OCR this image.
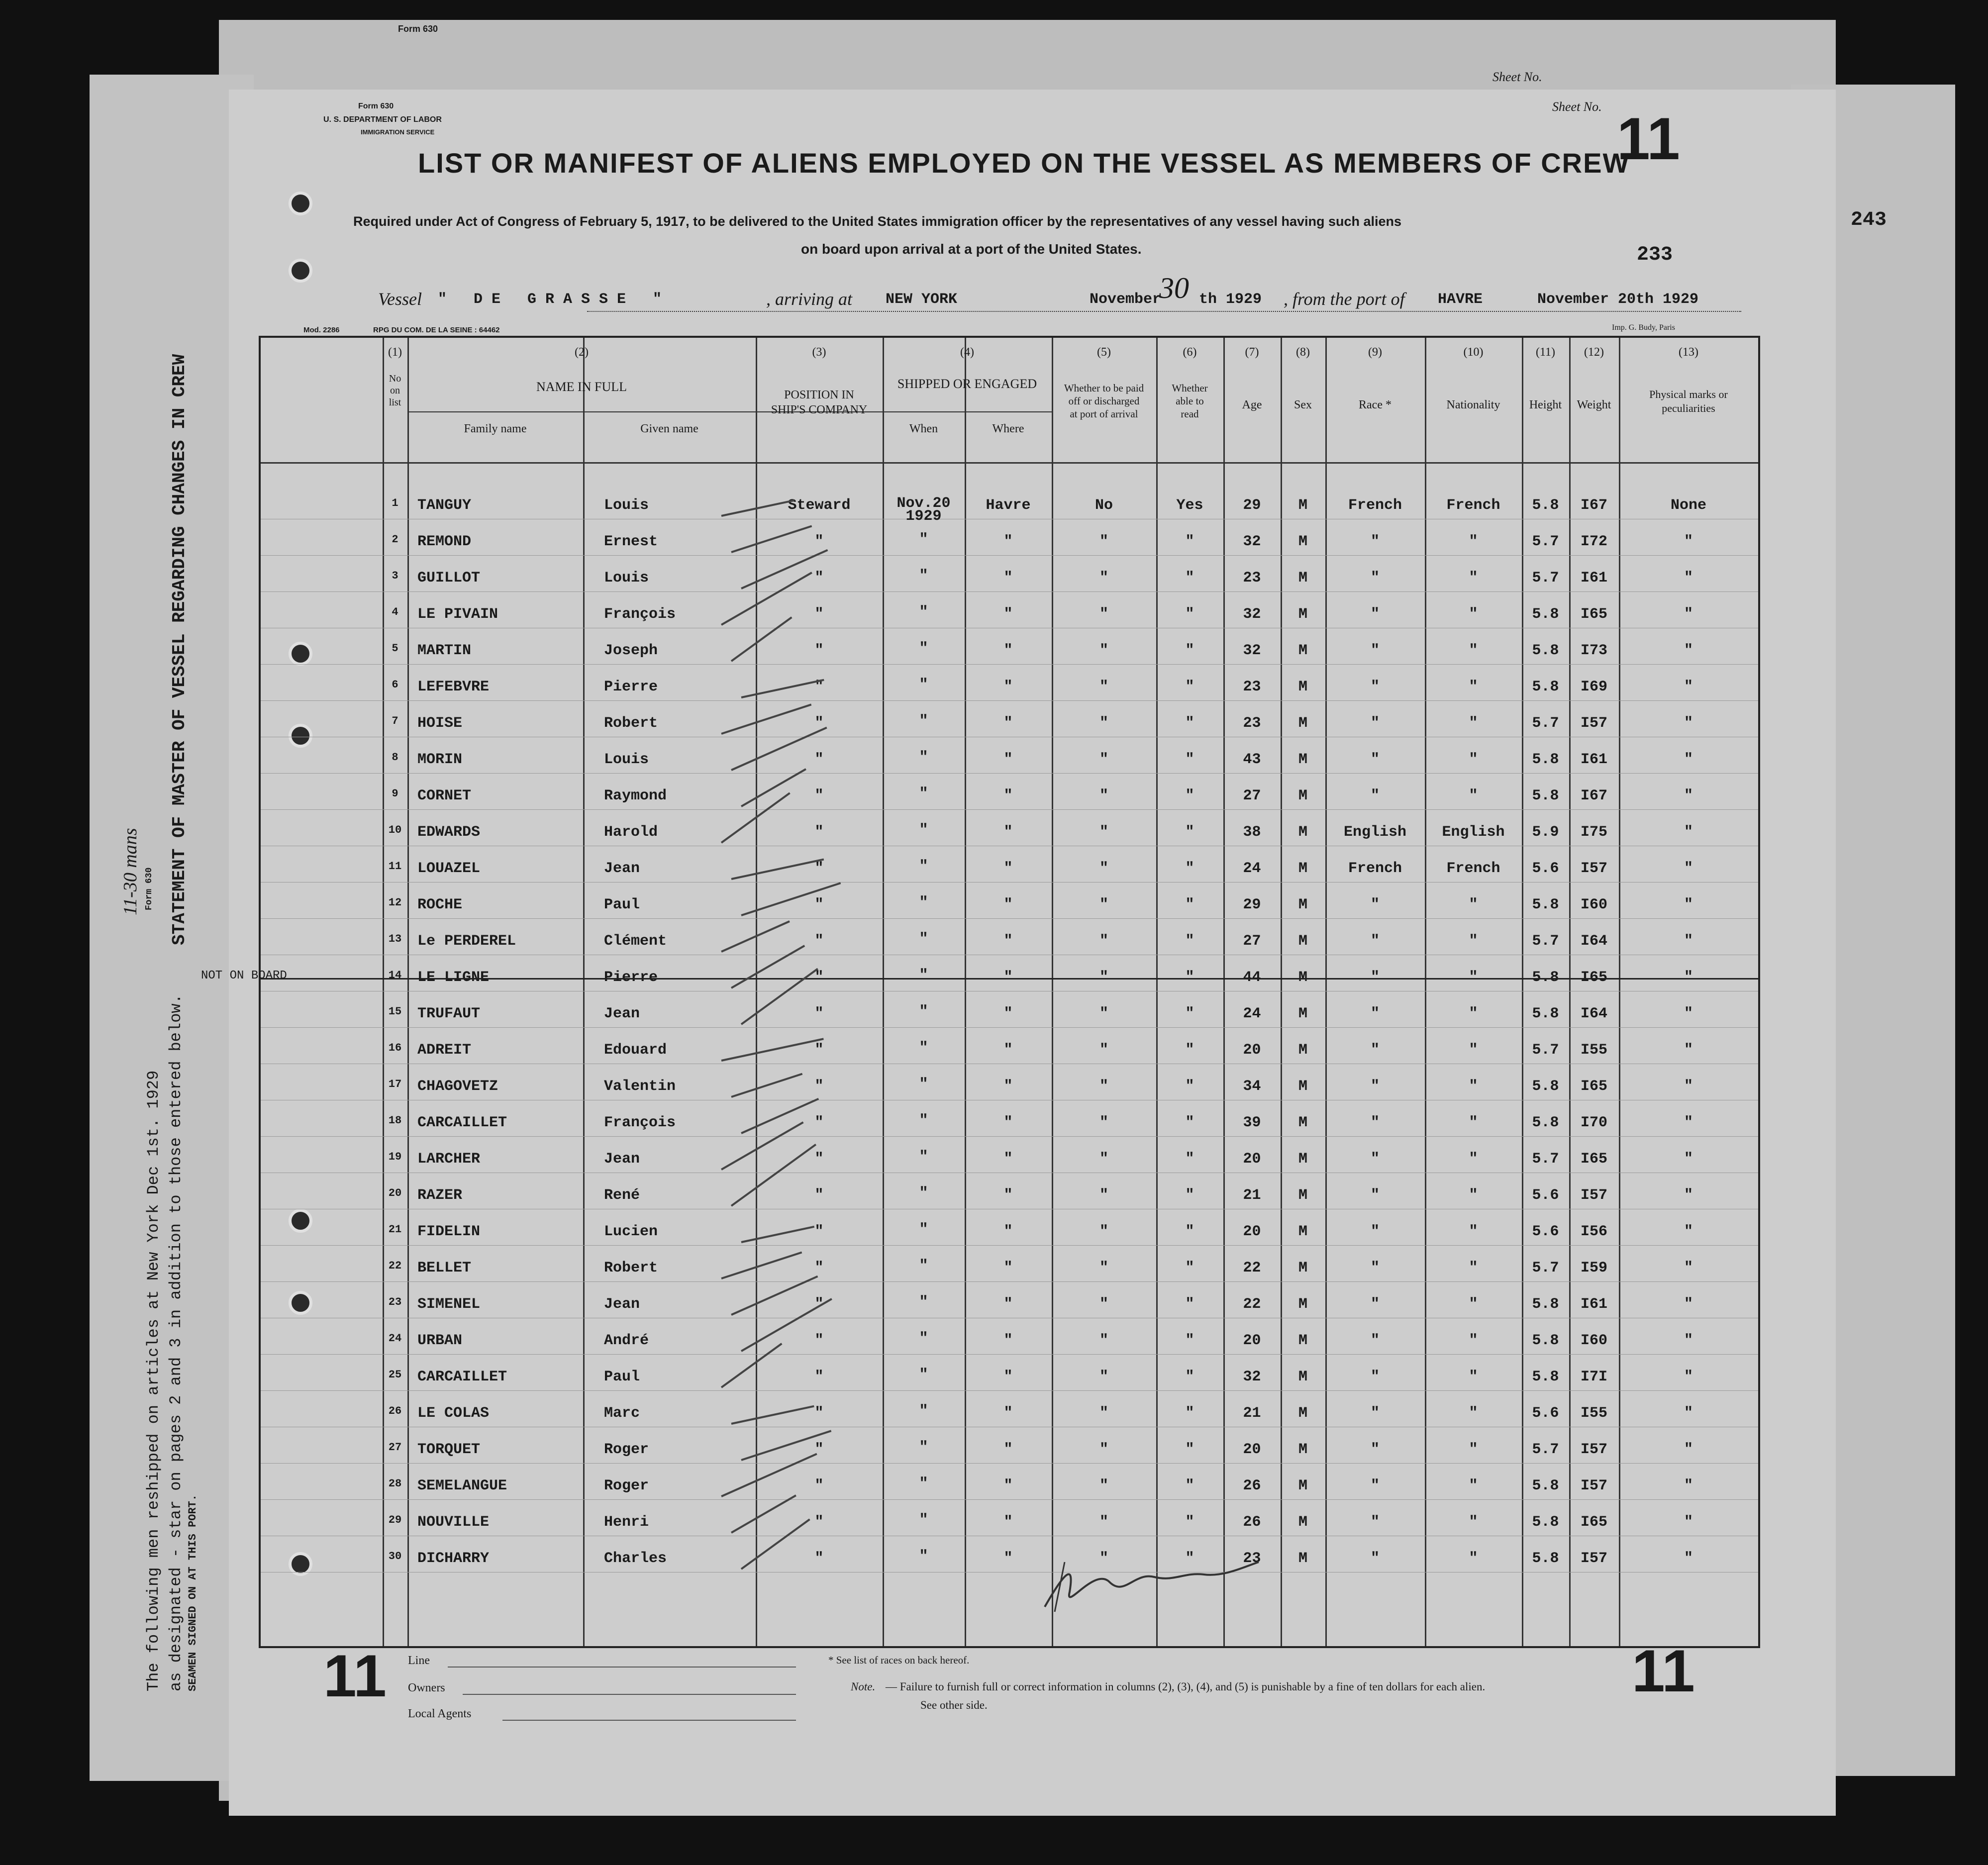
Form 630
Sheet No.
243
STATEMENT OF MASTER OF VESSEL REGARDING CHANGES IN CREW
Form 630
11-30 mans
The following men reshipped on articles at New York Dec 1st. 1929 as designated - star on pages 2 and 3 in addition to those entered below. SEAMEN SIGNED ON AT THIS PORT.
Form 630
U. S. DEPARTMENT OF LABOR
IMMIGRATION SERVICE
LIST OR MANIFEST OF ALIENS EMPLOYED ON THE VESSEL AS MEMBERS OF CREW
Sheet No. 11
Required under Act of Congress of February 5, 1917, to be delivered to the United States immigration officer by the representatives of any vessel having such aliens
on board upon arrival at a port of the United States.	233
Vessel " DE GRASSE "	, arriving at NEW YORK	November
30 th 1929 , from the port of HAVRE	November 20th 1929
Mod. 2286	RPG DU COM. DE LA SEINE : 64462	Imp. G. Budy, Paris
(1)
No
on
list
(2)
NAME IN FULL
Family name	Given name
(3)
POSITION IN
SHIP'S COMPANY
(4)
SHIPPED OR ENGAGED
When	Where
(5)
Whether to be paid
off or discharged
at port of arrival
(6)
Whether
able to
read
(7)
Age
(8)
Sex
(9)
Race *
(10)
Nationality
(11)
Height
(12)
Weight
(13)
Physical marks or
peculiarities
1	TANGUY	Louis	Steward	Nov.20
1929
Havre	No	Yes	29	M	French	French	5.8	I67	None
2	REMOND	Ernest	"	"	"	"	"	32	M	"	"	5.7	I72	"
3	GUILLOT	Louis	"	"	"	"	"	23	M	"	"	5.7	I61	"
4	LE PIVAIN	François	"	"	"	"	"	32	M	"	"	5.8	I65	"
5	MARTIN	Joseph	"	"	"	"	"	32	M	"	"	5.8	I73	"
6	LEFEBVRE	Pierre	"	"	"	"	"	23	M	"	"	5.8	I69	"
7	HOISE	Robert	"	"	"	"	"	23	M	"	"	5.7	I57	"
8	MORIN	Louis	"	"	"	"	"	43	M	"	"	5.8	I61	"
9	CORNET	Raymond	"	"	"	"	"	27	M	"	"	5.8	I67	"
10	EDWARDS	Harold	"	"	"	"	"	38	M	English	English	5.9	I75	"
11	LOUAZEL	Jean	"	"	"	"	"	24	M	French	French	5.6	I57	"
12	ROCHE	Paul	"	"	"	"	"	29	M	"	"	5.8	I60	"
13	Le PERDEREL	Clément	"	"	"	"	"	27	M	"	"	5.7	I64	"
14	LE LIGNE	Pierre	"	"	"	"	"	44	M	"	"	5.8	I65	"
NOT ON BOARD
15	TRUFAUT	Jean	"	"	"	"	"	24	M	"	"	5.8	I64	"
16	ADREIT	Edouard	"	"	"	"	"	20	M	"	"	5.7	I55	"
17	CHAGOVETZ	Valentin	"	"	"	"	"	34	M	"	"	5.8	I65	"
18	CARCAILLET	François	"	"	"	"	"	39	M	"	"	5.8	I70	"
19	LARCHER	Jean	"	"	"	"	"	20	M	"	"	5.7	I65	"
20	RAZER	René	"	"	"	"	"	21	M	"	"	5.6	I57	"
21	FIDELIN	Lucien	"	"	"	"	"	20	M	"	"	5.6	I56	"
22	BELLET	Robert	"	"	"	"	"	22	M	"	"	5.7	I59	"
23	SIMENEL	Jean	"	"	"	"	"	22	M	"	"	5.8	I61	"
24	URBAN	André	"	"	"	"	"	20	M	"	"	5.8	I60	"
25	CARCAILLET	Paul	"	"	"	"	"	32	M	"	"	5.8	I7I	"
26	LE COLAS	Marc	"	"	"	"	"	21	M	"	"	5.6	I55	"
27	TORQUET	Roger	"	"	"	"	"	20	M	"	"	5.7	I57	"
28	SEMELANGUE	Roger	"	"	"	"	"	26	M	"	"	5.8	I57	"
29	NOUVILLE	Henri	"	"	"	"	"	26	M	"	"	5.8	I65	"
30	DICHARRY	Charles	"	"	"	"	"	23	M	"	"	5.8	I57	"
11	11
Line
Owners
Local Agents
* See list of races on back hereof.
Note. — Failure to furnish full or correct information in columns (2), (3), (4), and (5) is punishable by a fine of ten dollars for each alien.
See other side.
